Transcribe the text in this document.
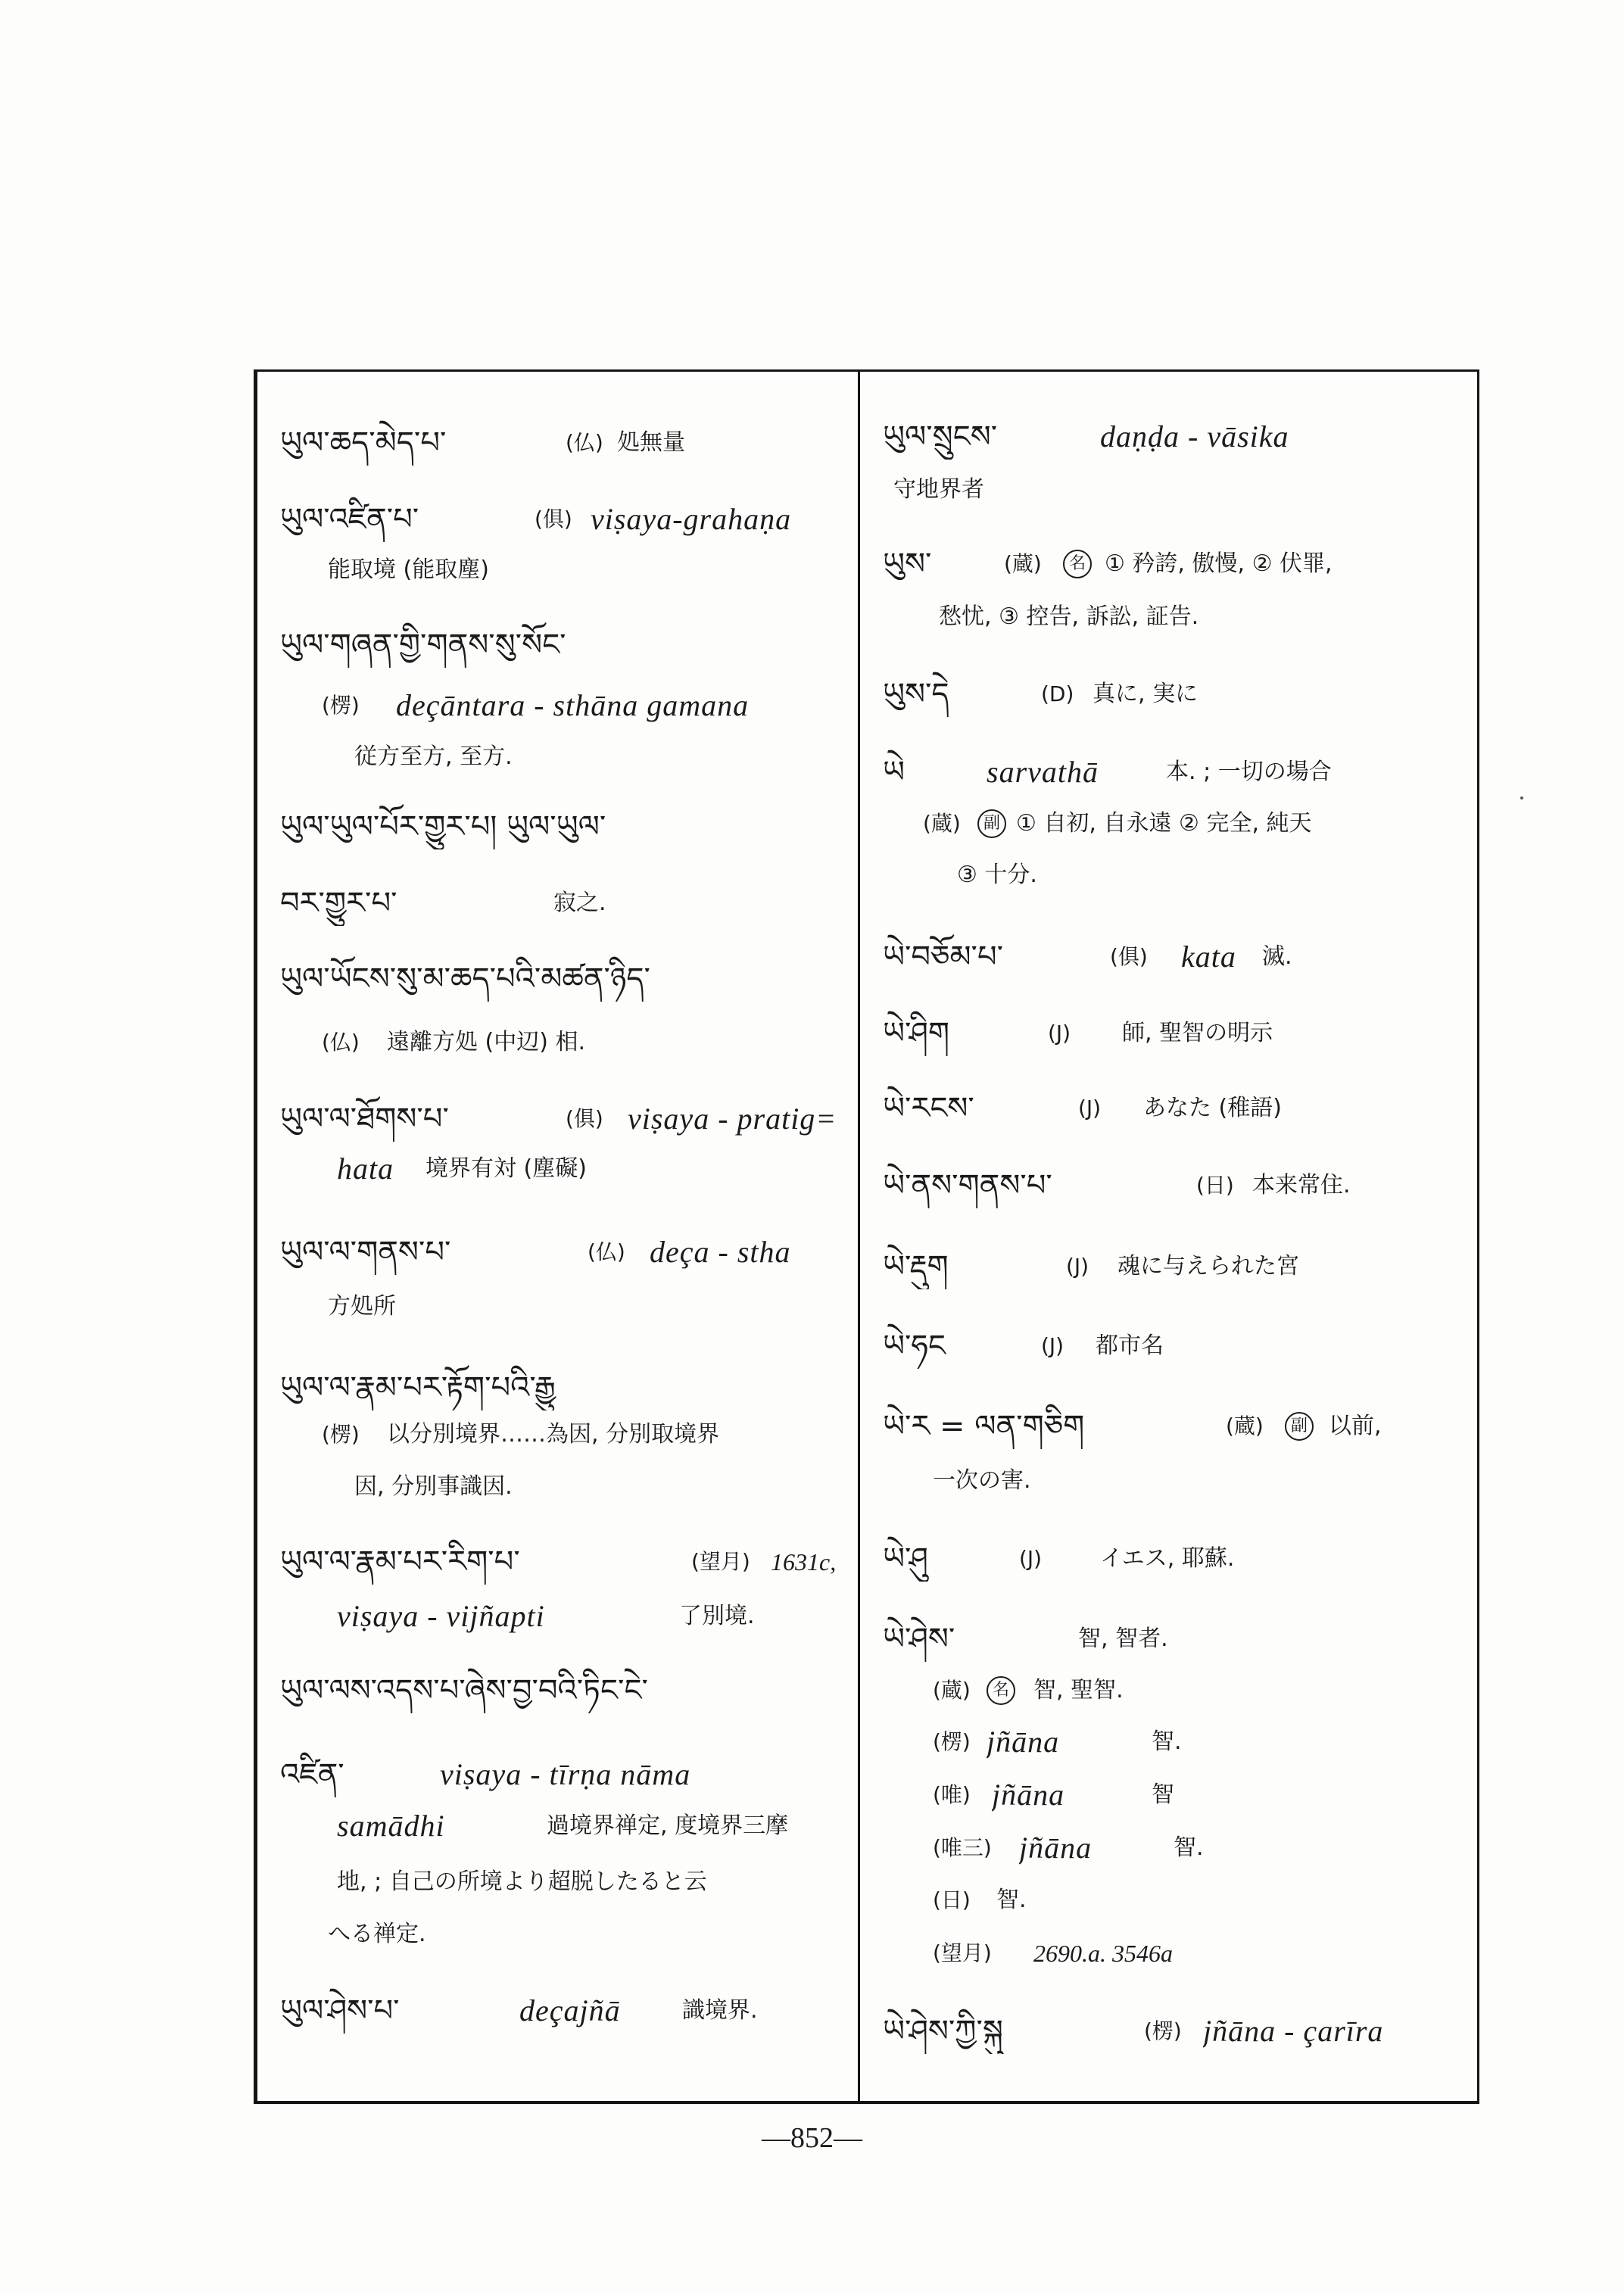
ཡུལ་ཆད་མེད་པ་	(仏) 処無量
ཡུལ་འཛིན་པ་	(俱) viṣaya-grahaṇa
能取境 (能取塵)
ཡུལ་གཞན་གྱི་གནས་སུ་སོང་
(楞)	deçāntara - sthāna gamana
従方至方, 至方.
ཡུལ་ཡུལ་པོར་གྱུར་པ། ཡུལ་ཡུལ་
བར་གྱུར་པ་	寂之.
ཡུལ་ཡོངས་སུ་མ་ཆད་པའི་མཚན་ཉིད་
(仏)	遠離方処 (中辺) 相.
ཡུལ་ལ་ཐོགས་པ་	(俱) viṣaya - pratig=
hata	境界有対 (塵礙)
ཡུལ་ལ་གནས་པ་	(仏) deça - stha
方処所
ཡུལ་ལ་རྣམ་པར་རྟོག་པའི་རྒྱུ
(楞)	以分別境界……為因, 分別取境界
因, 分別事識因.
ཡུལ་ལ་རྣམ་པར་རིག་པ་	(望月) 1631c,
viṣaya - vijñapti	了別境.
ཡུལ་ལས་འདས་པ་ཞེས་བྱ་བའི་ཏིང་ངེ་
འཛིན་	viṣaya - tīrṇa nāma
samādhi	過境界禅定, 度境界三摩
地, ; 自己の所境より超脱したると云
へる禅定.
ཡུལ་ཤེས་པ་	deçajñā	識境界.
ཡུལ་སྲུངས་	daṇḍa - vāsika
守地界者
ཡུས་	(蔵)	名 ① 矜誇, 傲慢, ② 伏罪,
愁忧, ③ 控告, 訴訟, 証告.
ཡུས་དེ	(D) 真に, 実に
ཡེ	sarvathā	本. ; 一切の場合
(蔵)	副 ① 自初, 自永遠 ② 完全, 純天
③ 十分.
ཡེ་བཅོམ་པ་	(俱)	kata	滅.
ཡེ་ཤིག	(J)	師, 聖智の明示
ཡེ་རངས་	(J)	あなた (稚語)
ཡེ་ནས་གནས་པ་	(日) 本来常住.
ཡེ་རྡུག	(J)	魂に与えられた宮
ཡེ་ཧང	(J)	都市名
ཡེ་ར = ལན་གཅིག	(蔵)	副 以前,
一次の害.
ཡེ་ཤུ	(J)	イエス, 耶蘇.
ཡེ་ཤེས་	智, 智者.
(蔵)	名 智, 聖智.
(楞) jñāna	智.
(唯) jñāna	智
(唯三) jñāna	智.
(日)	智.
(望月)	2690.a. 3546a
ཡེ་ཤེས་ཀྱི་སྐུ	(楞) jñāna - çarīra
—852—
